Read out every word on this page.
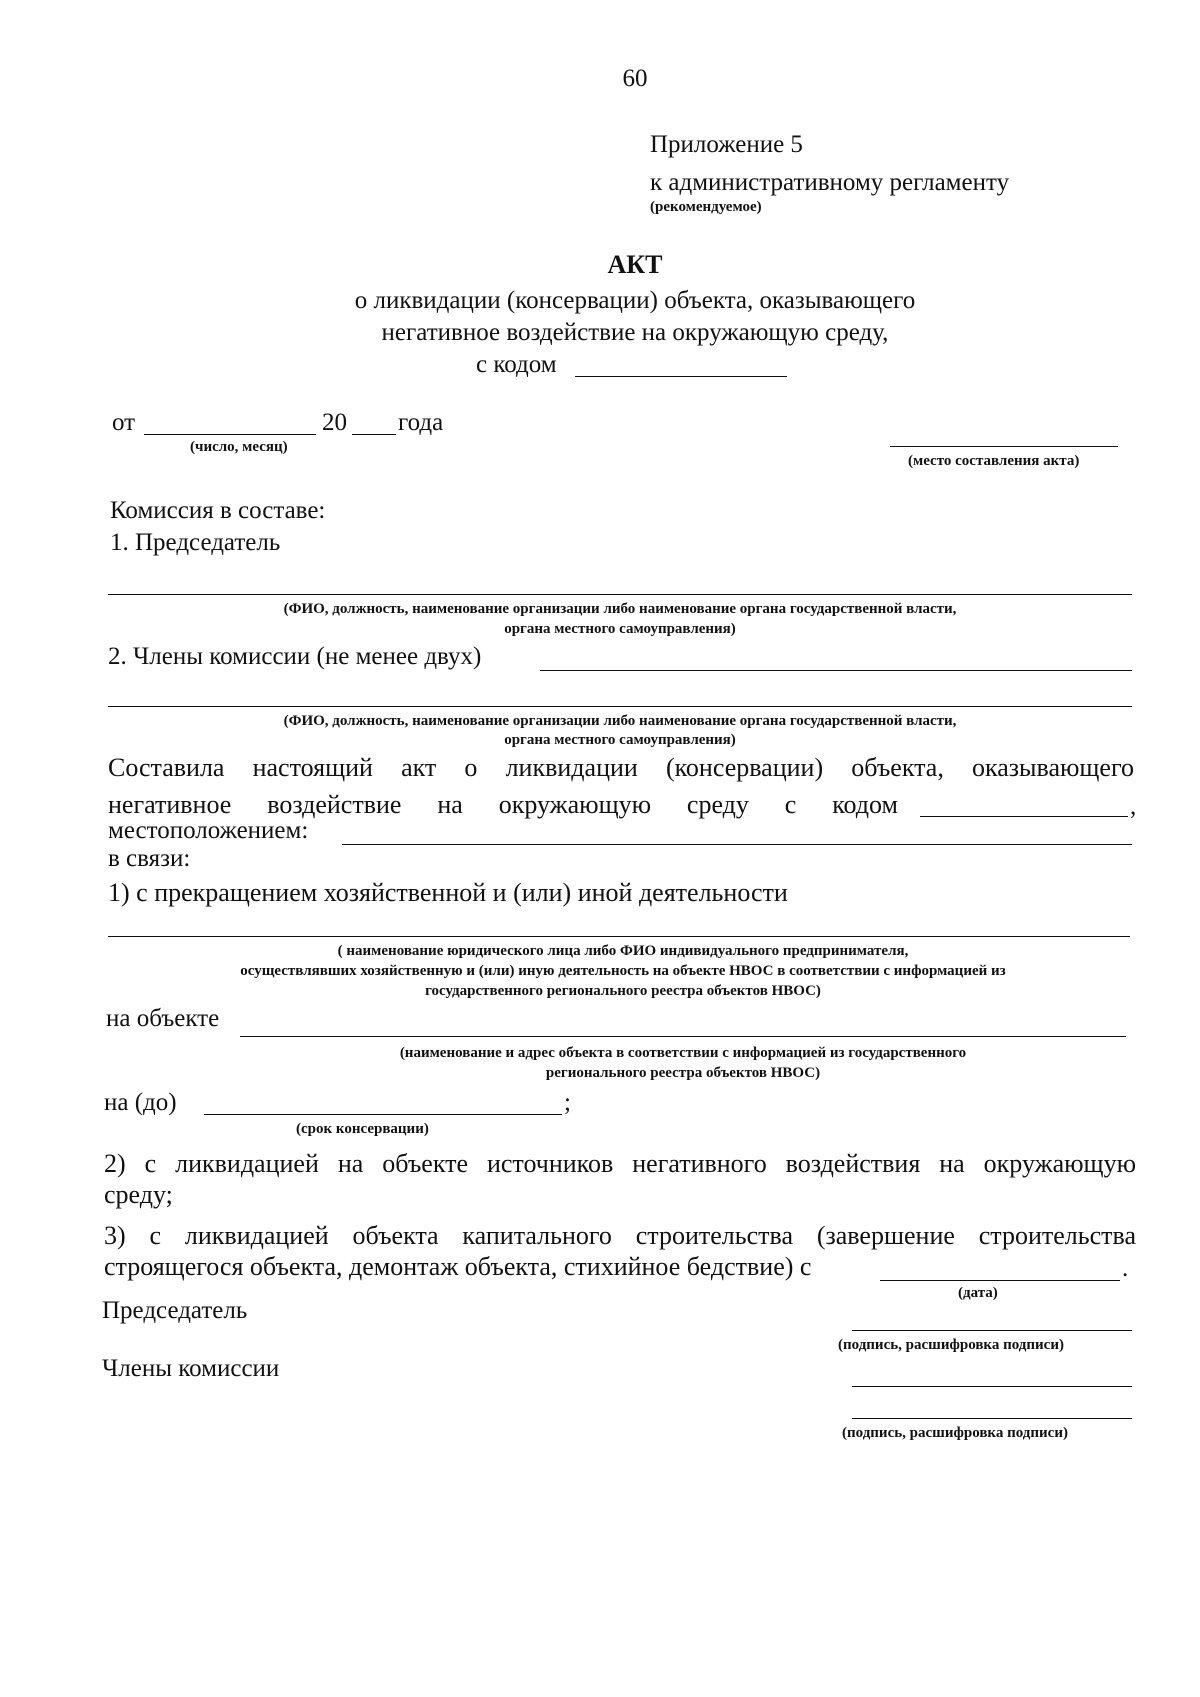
60
Приложение 5
к административному регламенту
(рекомендуемое)
АКТ
о ликвидации (консервации) объекта, оказывающего
негативное воздействие на окружающую среду,
с кодом
от	20 года
(число, месяц)
(место составления акта)
Комиссия в составе:
1. Председатель
(ФИО, должность, наименование организации либо наименование органа государственной власти,
органа местного самоуправления)
2. Члены комиссии (не менее двух)
(ФИО, должность, наименование организации либо наименование органа государственной власти,
органа местного самоуправления)
Составила настоящий акт о ликвидации (консервации) объекта, оказывающего
негативное воздействие на окружающую среду с кодом	,
местоположением:
в связи:
1) с прекращением хозяйственной и (или) иной деятельности
( наименование юридического лица либо ФИО индивидуального предпринимателя,
осуществлявших хозяйственную и (или) иную деятельность на объекте НВОС в соответствии с информацией из
государственного регионального реестра объектов НВОС)
на объекте
(наименование и адрес объекта в соответствии с информацией из государственного
регионального реестра объектов НВОС)
на (до)	;
(срок консервации)
2) с ликвидацией на объекте источников негативного воздействия на окружающую
среду;
3) с ликвидацией объекта капитального строительства (завершение строительства
строящегося объекта, демонтаж объекта, стихийное бедствие) с	.
(дата)
Председатель
(подпись, расшифровка подписи)
Члены комиссии
(подпись, расшифровка подписи)
